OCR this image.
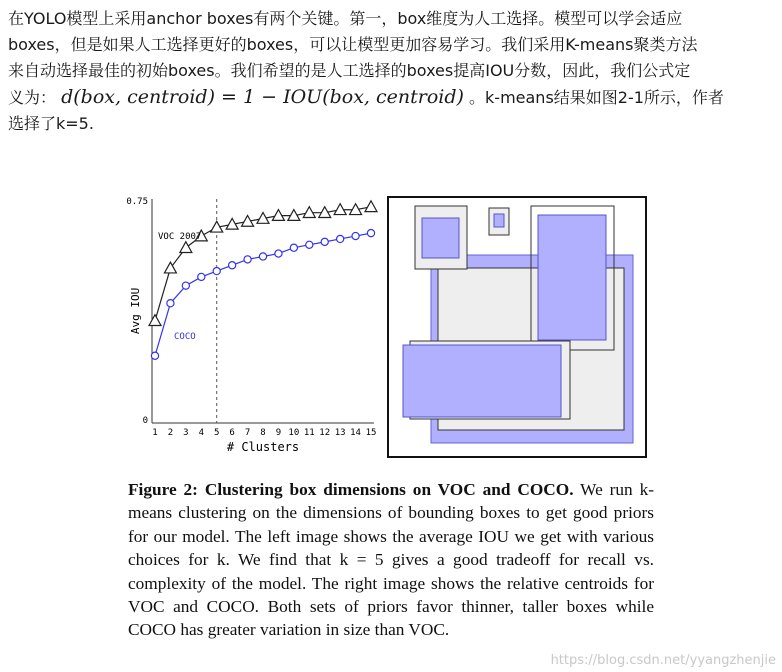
在YOLO模型上采用anchor boxes有两个关键。第一，box维度为人工选择。模型可以学会适应
boxes，但是如果人工选择更好的boxes，可以让模型更加容易学习。我们采用K-means聚类方法
来自动选择最佳的初始boxes。我们希望的是人工选择的boxes提高IOU分数，因此，我们公式定
义为： d(box, centroid) = 1 − IOU(box, centroid) 。k-means结果如图2-1所示，作者
选择了k=5.
0.75
0
Avg IOU
# Clusters
1 2 3 4 5 6 7 8 9 10 11 12 13 14 15
VOC 2007
COCO

Figure 2: Clustering box dimensions on VOC and COCO. We run k-means clustering on the dimensions of bounding boxes to get good priors for our model. The left image shows the average IOU we get with various choices for k. We find that k = 5 gives a good tradeoff for recall vs. complexity of the model. The right image shows the relative centroids for VOC and COCO. Both sets of priors favor thinner, taller boxes while COCO has greater variation in size than VOC.

https://blog.csdn.net/yyangzhenjie
